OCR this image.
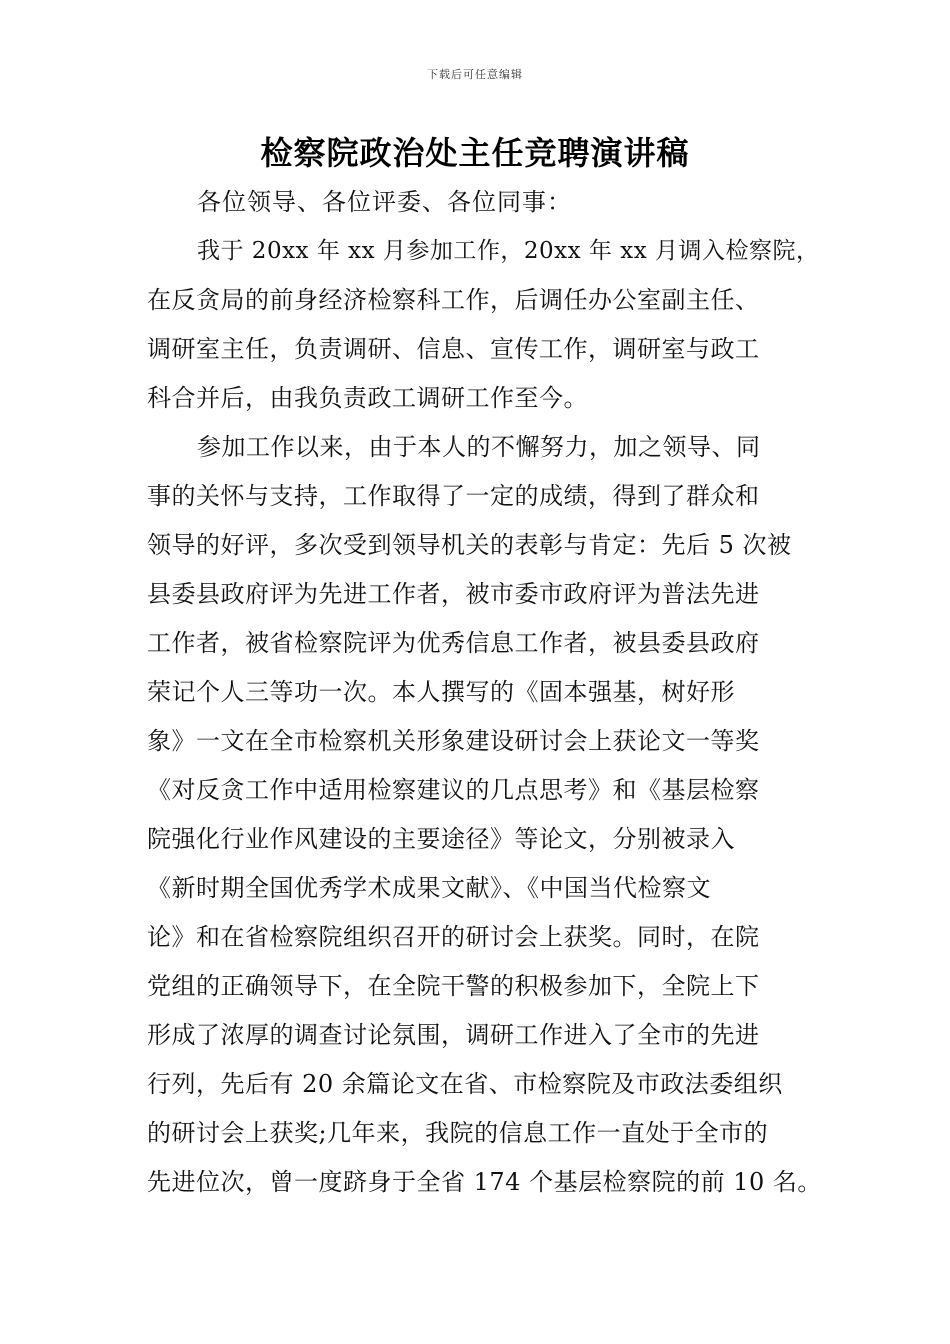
下载后可任意编辑
检察院政治处主任竞聘演讲稿
各位领导、各位评委、各位同事：
我于 20xx 年 xx 月参加工作，20xx 年 xx 月调入检察院，
在反贪局的前身经济检察科工作，后调任办公室副主任、
调研室主任，负责调研、信息、宣传工作，调研室与政工
科合并后，由我负责政工调研工作至今。
参加工作以来，由于本人的不懈努力，加之领导、同
事的关怀与支持，工作取得了一定的成绩，得到了群众和
领导的好评，多次受到领导机关的表彰与肯定：先后 5 次被
县委县政府评为先进工作者，被市委市政府评为普法先进
工作者，被省检察院评为优秀信息工作者，被县委县政府
荣记个人三等功一次。本人撰写的《固本强基，树好形
象》一文在全市检察机关形象建设研讨会上获论文一等奖
《对反贪工作中适用检察建议的几点思考》和《基层检察
院强化行业作风建设的主要途径》等论文，分别被录入
《新时期全国优秀学术成果文献》、《中国当代检察文
论》和在省检察院组织召开的研讨会上获奖。同时，在院
党组的正确领导下，在全院干警的积极参加下，全院上下
形成了浓厚的调查讨论氛围，调研工作进入了全市的先进
行列，先后有 20 余篇论文在省、市检察院及市政法委组织
的研讨会上获奖;几年来，我院的信息工作一直处于全市的
先进位次，曾一度跻身于全省 174 个基层检察院的前 10 名。
